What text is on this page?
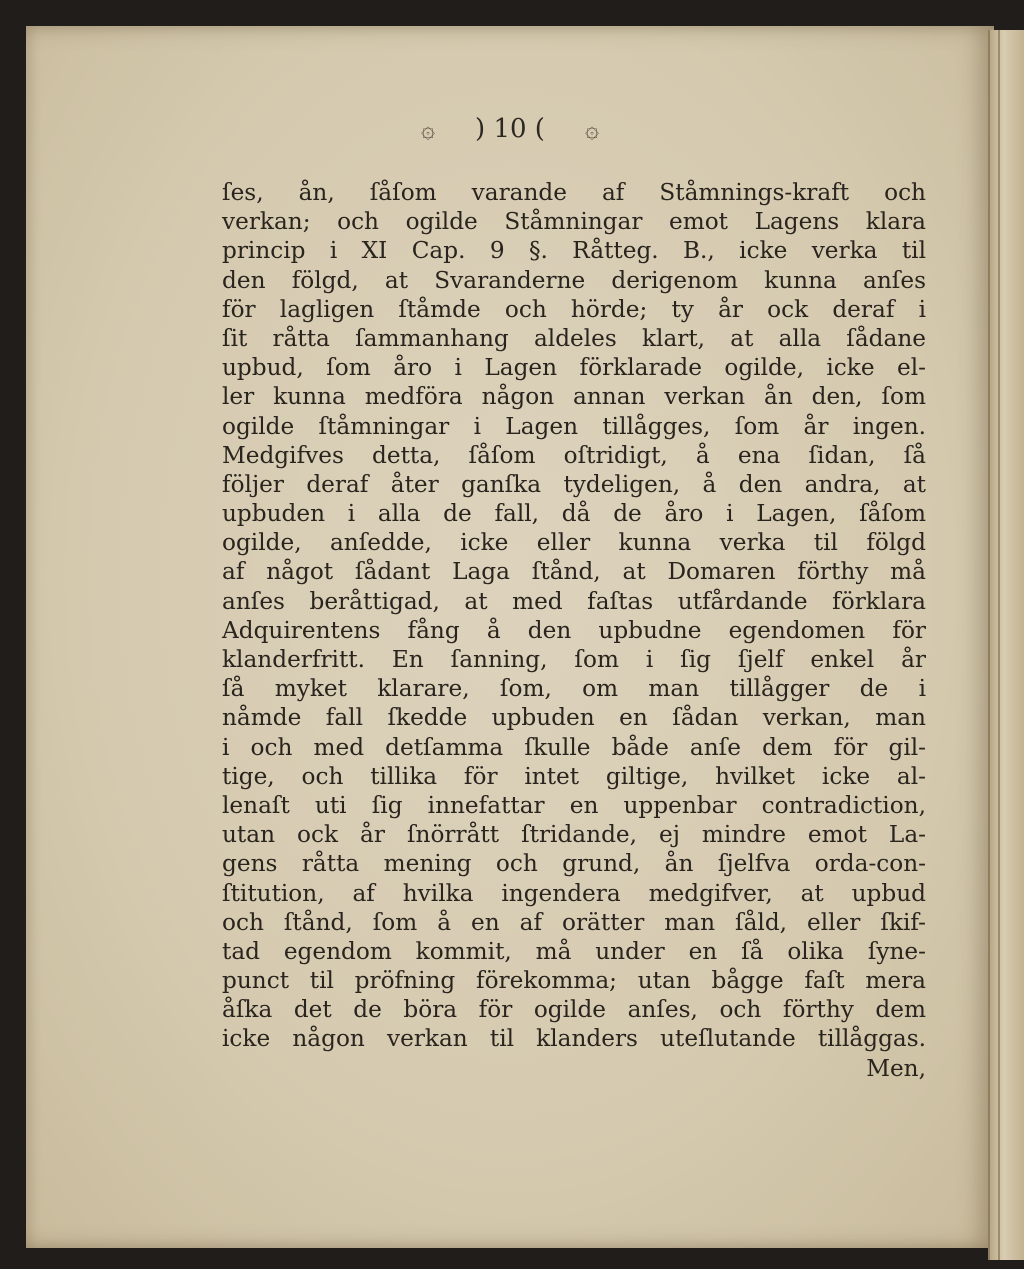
۞ ) 10 ( ۞
ſes, ån, ſåſom varande af Ståmnings-kraft och
verkan; och ogilde Ståmningar emot Lagens klara
princip i XI Cap. 9 §. Råtteg. B., icke verka til
den fölgd, at Svaranderne derigenom kunna anſes
för lagligen ſtåmde och hörde; ty år ock deraf i
ſit råtta ſammanhang aldeles klart, at alla ſådane
upbud, ſom åro i Lagen förklarade ogilde, icke el-
ler kunna medföra någon annan verkan ån den, ſom
ogilde ſtåmningar i Lagen tillågges, ſom år ingen.
Medgifves detta, ſåſom oſtridigt, å ena ſidan, ſå
följer deraf åter ganſka tydeligen, å den andra, at
upbuden i alla de fall, då de åro i Lagen, ſåſom
ogilde, anſedde, icke eller kunna verka til fölgd
af något ſådant Laga ſtånd, at Domaren förthy må
anſes beråttigad, at med faſtas utfårdande förklara
Adquirentens fång å den upbudne egendomen för
klanderfritt. En ſanning, ſom i ſig ſjelf enkel år
ſå myket klarare, ſom, om man tillågger de i
nåmde fall ſkedde upbuden en ſådan verkan, man
i och med detſamma ſkulle både anſe dem för gil-
tige, och tillika för intet giltige, hvilket icke al-
lenaſt uti ſig innefattar en uppenbar contradiction,
utan ock år ſnörrått ſtridande, ej mindre emot La-
gens råtta mening och grund, ån ſjelfva orda-con-
ſtitution, af hvilka ingendera medgifver, at upbud
och ſtånd, ſom å en af orätter man ſåld, eller ſkif-
tad egendom kommit, må under en ſå olika ſyne-
punct til pröfning förekomma; utan bågge faſt mera
åſka det de böra för ogilde anſes, och förthy dem
icke någon verkan til klanders uteſlutande tillåggas.
Men,
